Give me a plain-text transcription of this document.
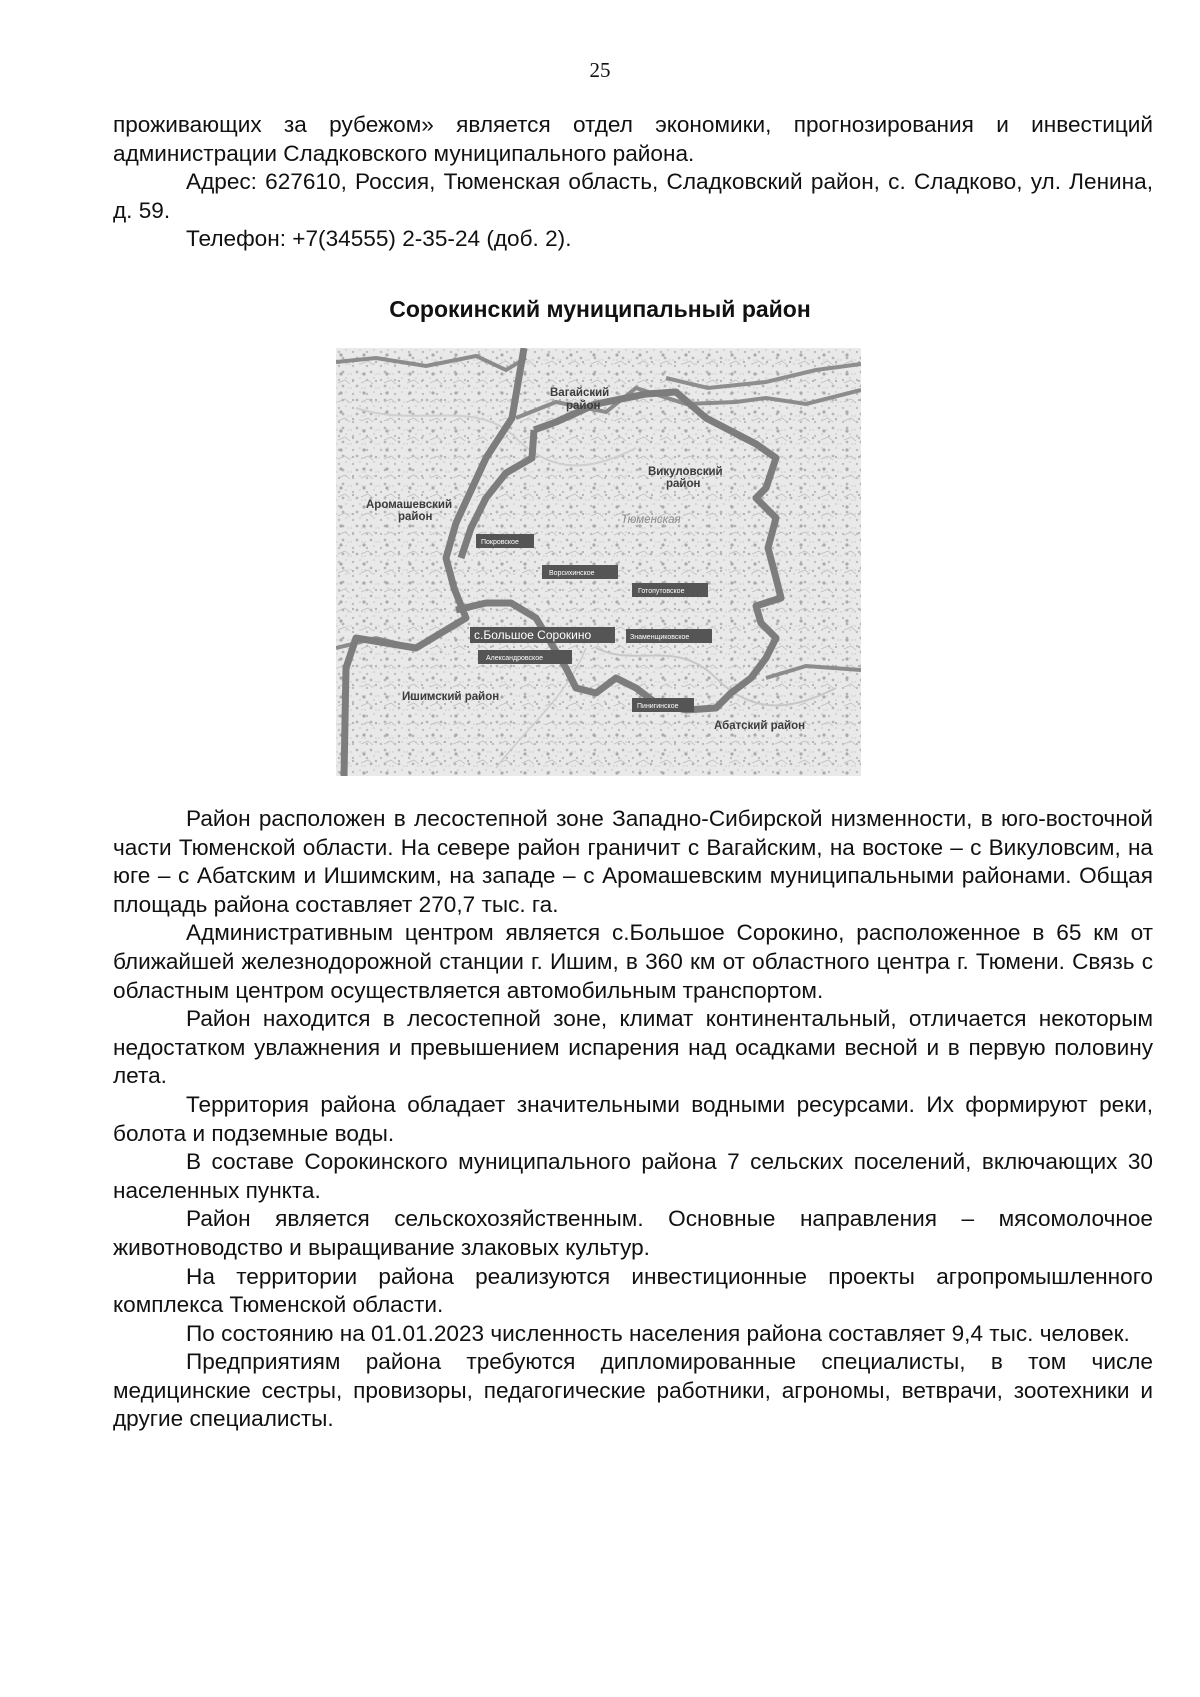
25

проживающих за рубежом» является отдел экономики, прогнозирования и инвестиций администрации Сладковского муниципального района.

Адрес: 627610, Россия, Тюменская область, Сладковский район, с. Сладково, ул. Ленина, д. 59.

Телефон: +7(34555) 2-35-24 (доб. 2).

Сорокинский муниципальный район
Вагайский
район
Викуловский
район
Аромашевский
район	Тюменская
Ишимский район
Абатский район
Покровское
Ворсихинское
Готопутовское
с.Большое Сорокино	Знаменщиковское
Александровское
Пинигинское

Район расположен в лесостепной зоне Западно-Сибирской низменности, в юго-восточной части Тюменской области. На севере район граничит с Вагайским, на востоке – с Викуловсим, на юге – с Абатским и Ишимским, на западе – с Аромашевским муниципальными районами. Общая площадь района составляет 270,7 тыс. га.

Административным центром является с.Большое Сорокино, расположенное в 65 км от ближайшей железнодорожной станции г. Ишим, в 360 км от областного центра г. Тюмени. Связь с областным центром осуществляется автомобильным транспортом.

Район находится в лесостепной зоне, климат континентальный, отличается некоторым недостатком увлажнения и превышением испарения над осадками весной и в первую половину лета.

Территория района обладает значительными водными ресурсами. Их формируют реки, болота и подземные воды.

В составе Сорокинского муниципального района 7 сельских поселений, включающих 30 населенных пункта.

Район является сельскохозяйственным. Основные направления – мясомолочное животноводство и выращивание злаковых культур.

На территории района реализуются инвестиционные проекты агропромышленного комплекса Тюменской области.

По состоянию на 01.01.2023 численность населения района составляет 9,4 тыс. человек.

Предприятиям района требуются дипломированные специалисты, в том числе медицинские сестры, провизоры, педагогические работники, агрономы, ветврачи, зоотехники и другие специалисты.
